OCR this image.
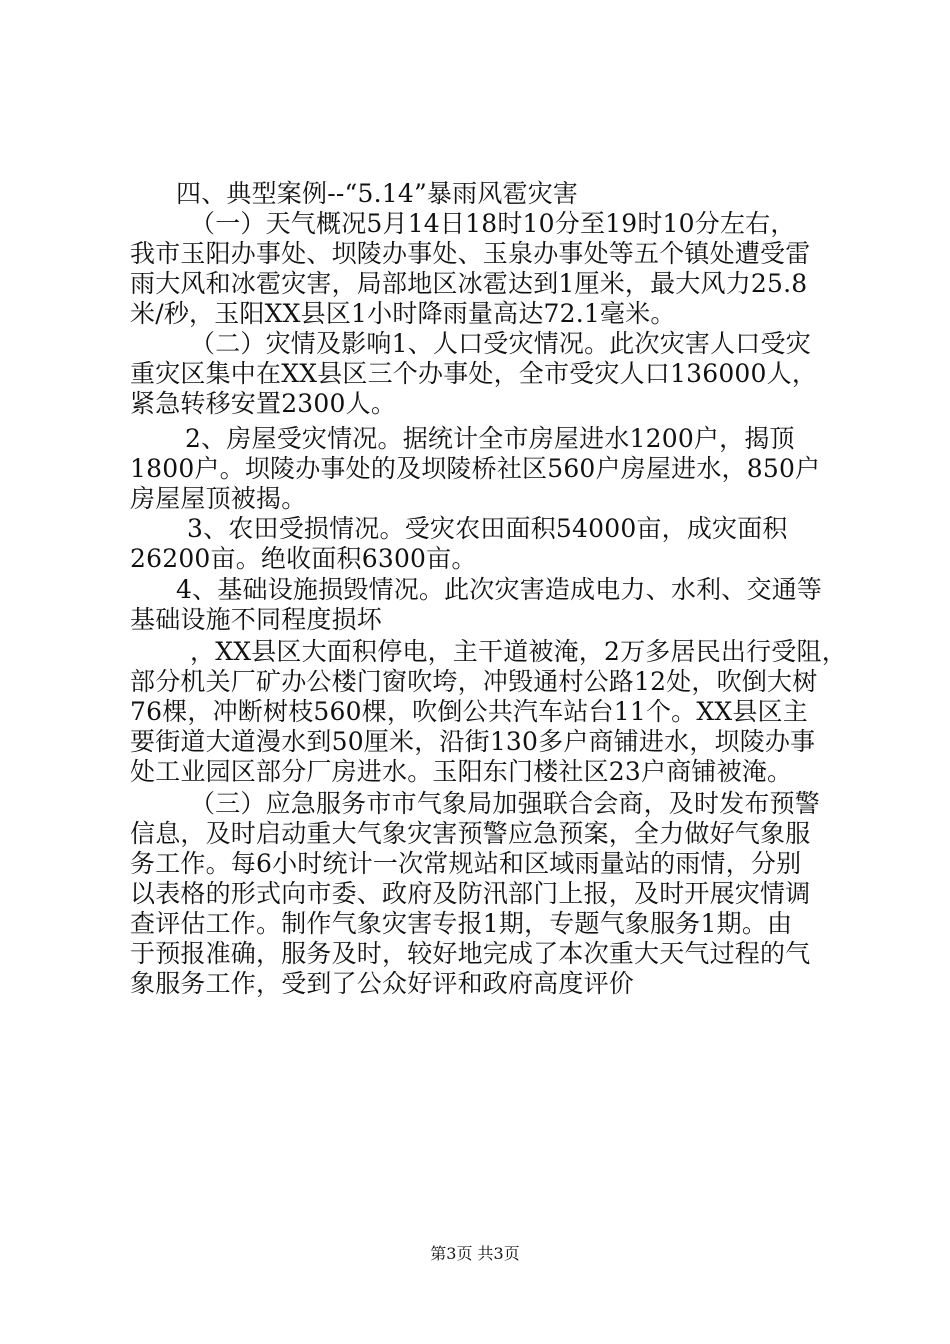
四、典型案例--“5.14”暴雨风雹灾害
（一）天气概况5月14日18时10分至19时10分左右，
我市玉阳办事处、坝陵办事处、玉泉办事处等五个镇处遭受雷
雨大风和冰雹灾害，局部地区冰雹达到1厘米，最大风力25.8
米/秒，玉阳XX县区1小时降雨量高达72.1毫米。
（二）灾情及影响1、人口受灾情况。此次灾害人口受灾
重灾区集中在XX县区三个办事处，全市受灾人口136000人，
紧急转移安置2300人。
2、房屋受灾情况。据统计全市房屋进水1200户，揭顶
1800户。坝陵办事处的及坝陵桥社区560户房屋进水，850户
房屋屋顶被揭。
3、农田受损情况。受灾农田面积54000亩，成灾面积
26200亩。绝收面积6300亩。
4、基础设施损毁情况。此次灾害造成电力、水利、交通等
基础设施不同程度损坏
，XX县区大面积停电，主干道被淹，2万多居民出行受阻，
部分机关厂矿办公楼门窗吹垮，冲毁通村公路12处，吹倒大树
76棵，冲断树枝560棵，吹倒公共汽车站台11个。XX县区主
要街道大道漫水到50厘米，沿街130多户商铺进水，坝陵办事
处工业园区部分厂房进水。玉阳东门楼社区23户商铺被淹。
（三）应急服务市市气象局加强联合会商，及时发布预警
信息，及时启动重大气象灾害预警应急预案，全力做好气象服
务工作。每6小时统计一次常规站和区域雨量站的雨情，分别
以表格的形式向市委、政府及防汛部门上报，及时开展灾情调
查评估工作。制作气象灾害专报1期，专题气象服务1期。由
于预报准确，服务及时，较好地完成了本次重大天气过程的气
象服务工作，受到了公众好评和政府高度评价
第3页 共3页
